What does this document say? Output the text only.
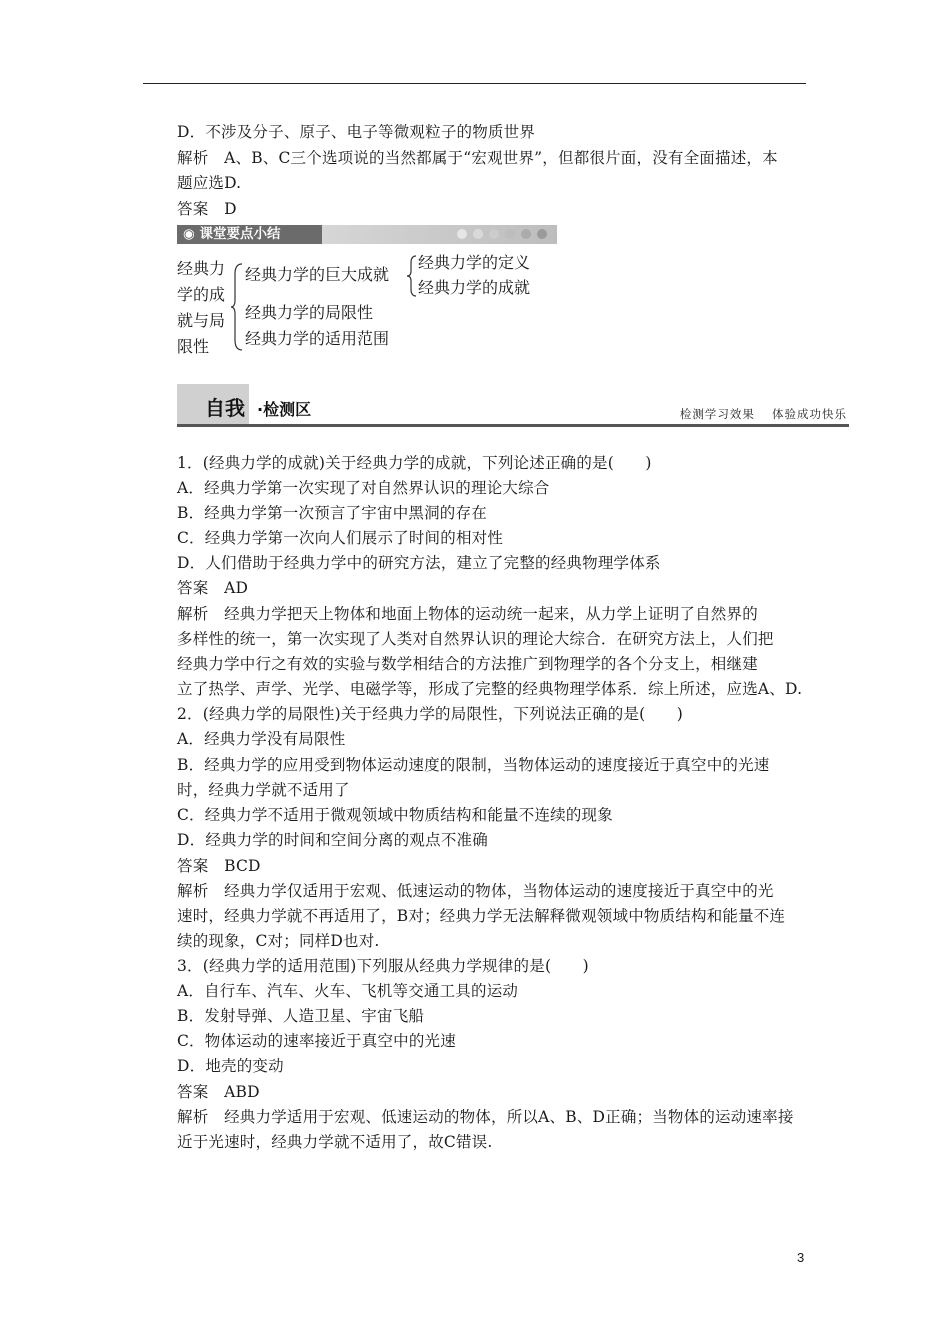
D．不涉及分子、原子、电子等微观粒子的物质世界
解析　A、B、C三个选项说的当然都属于“宏观世界”，但都很片面，没有全面描述，本
题应选D.
答案　D
◉ 课堂要点小结
经典力
学的成
就与局
限性
经典力学的巨大成就
经典力学的定义
经典力学的成就
经典力学的局限性
经典力学的适用范围
自我 ·检测区	检测学习效果　 体验成功快乐
1．(经典力学的成就)关于经典力学的成就，下列论述正确的是(　　)
A．经典力学第一次实现了对自然界认识的理论大综合
B．经典力学第一次预言了宇宙中黑洞的存在
C．经典力学第一次向人们展示了时间的相对性
D．人们借助于经典力学中的研究方法，建立了完整的经典物理学体系
答案　AD
解析　经典力学把天上物体和地面上物体的运动统一起来，从力学上证明了自然界的
多样性的统一，第一次实现了人类对自然界认识的理论大综合．在研究方法上，人们把
经典力学中行之有效的实验与数学相结合的方法推广到物理学的各个分支上，相继建
立了热学、声学、光学、电磁学等，形成了完整的经典物理学体系．综上所述，应选A、D.
2．(经典力学的局限性)关于经典力学的局限性，下列说法正确的是(　　)
A．经典力学没有局限性
B．经典力学的应用受到物体运动速度的限制，当物体运动的速度接近于真空中的光速
时，经典力学就不适用了
C．经典力学不适用于微观领域中物质结构和能量不连续的现象
D．经典力学的时间和空间分离的观点不准确
答案　BCD
解析　经典力学仅适用于宏观、低速运动的物体，当物体运动的速度接近于真空中的光
速时，经典力学就不再适用了，B对；经典力学无法解释微观领域中物质结构和能量不连
续的现象，C对；同样D也对.
3．(经典力学的适用范围)下列服从经典力学规律的是(　　)
A．自行车、汽车、火车、飞机等交通工具的运动
B．发射导弹、人造卫星、宇宙飞船
C．物体运动的速率接近于真空中的光速
D．地壳的变动
答案　ABD
解析　经典力学适用于宏观、低速运动的物体，所以A、B、D正确；当物体的运动速率接
近于光速时，经典力学就不适用了，故C错误.
3
